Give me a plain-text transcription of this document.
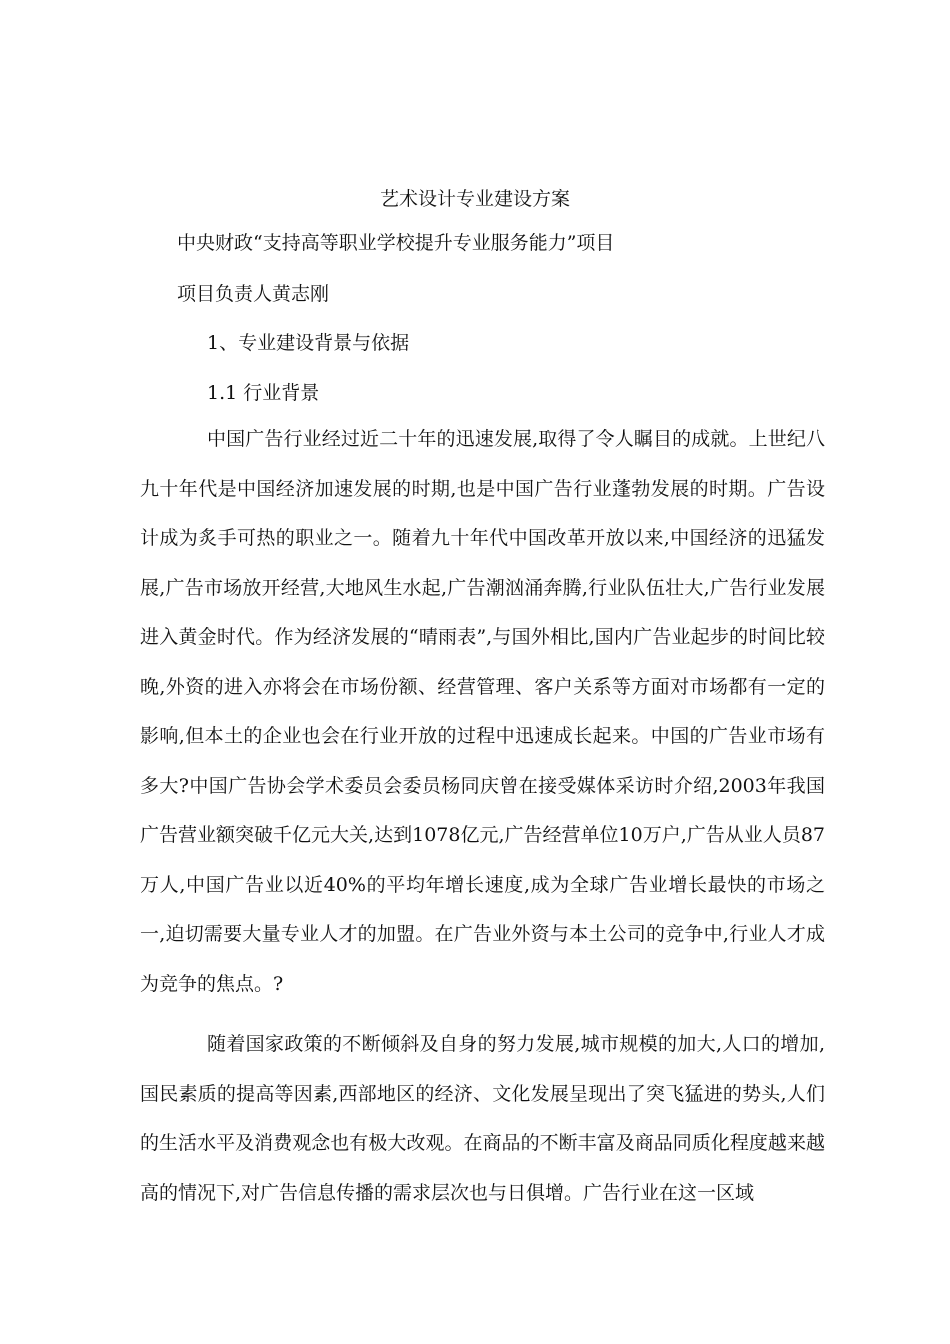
艺术设计专业建设方案

中央财政“支持高等职业学校提升专业服务能力”项目

项目负责人黄志刚

1、专业建设背景与依据
1.1 行业背景

中国广告行业经过近二十年的迅速发展,取得了令人瞩目的成就。上世纪八九十年代是中国经济加速发展的时期,也是中国广告行业蓬勃发展的时期。广告设计成为炙手可热的职业之一。随着九十年代中国改革开放以来,中国经济的迅猛发展,广告市场放开经营,大地风生水起,广告潮汹涌奔腾,行业队伍壮大,广告行业发展进入黄金时代。作为经济发展的“晴雨表”,与国外相比,国内广告业起步的时间比较晚,外资的进入亦将会在市场份额、经营管理、客户关系等方面对市场都有一定的影响,但本土的企业也会在行业开放的过程中迅速成长起来。中国的广告业市场有多大?中国广告协会学术委员会委员杨同庆曾在接受媒体采访时介绍,2003年我国广告营业额突破千亿元大关,达到1078亿元,广告经营单位10万户,广告从业人员87万人,中国广告业以近40%的平均年增长速度,成为全球广告业增长最快的市场之一,迫切需要大量专业人才的加盟。在广告业外资与本土公司的竞争中,行业人才成为竞争的焦点。?

随着国家政策的不断倾斜及自身的努力发展,城市规模的加大,人口的增加,国民素质的提高等因素,西部地区的经济、文化发展呈现出了突飞猛进的势头,人们的生活水平及消费观念也有极大改观。在商品的不断丰富及商品同质化程度越来越高的情况下,对广告信息传播的需求层次也与日俱增。广告行业在这一区域
